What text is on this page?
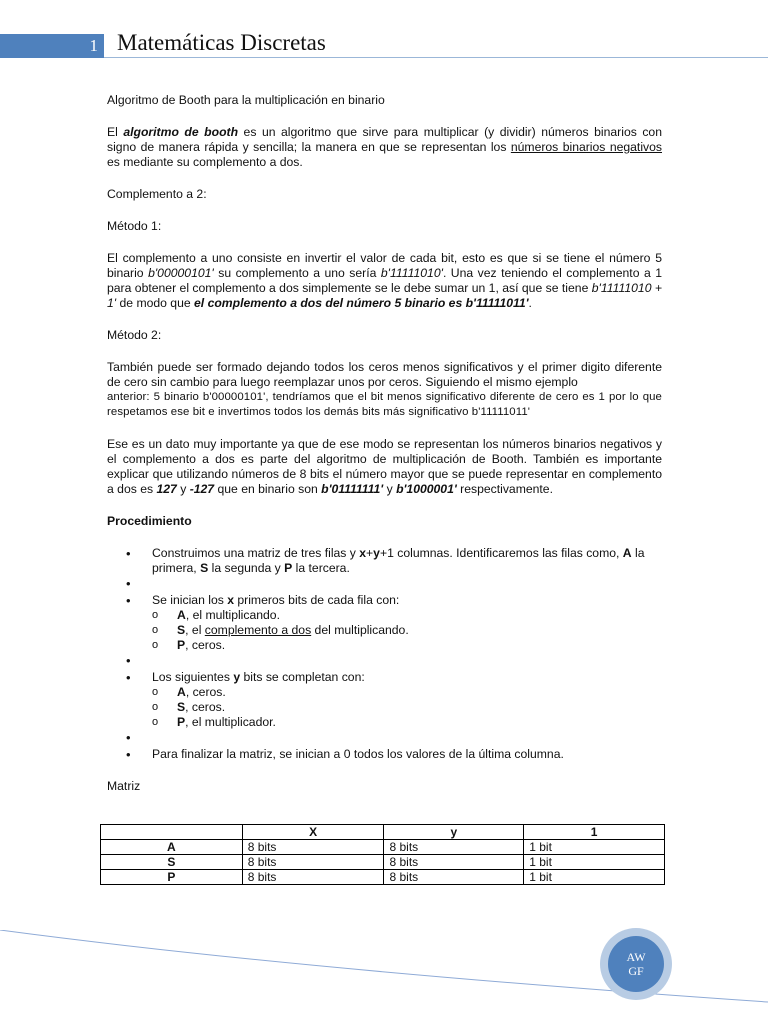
1 Matemáticas Discretas

Algoritmo de Booth para la multiplicación en binario

El algoritmo de booth es un algoritmo que sirve para multiplicar (y dividir) números binarios con signo de manera rápida y sencilla; la manera en que se representan los números binarios negativos es mediante su complemento a dos.

Complemento a 2:

Método 1:

El complemento a uno consiste en invertir el valor de cada bit, esto es que si se tiene el número 5 binario b'00000101' su complemento a uno sería b'11111010'. Una vez teniendo el complemento a 1 para obtener el complemento a dos simplemente se le debe sumar un 1, así que se tiene b'11111010 + 1' de modo que el complemento a dos del número 5 binario es b'11111011'.

Método 2:

También puede ser formado dejando todos los ceros menos significativos y el primer digito diferente de cero sin cambio para luego reemplazar unos por ceros. Siguiendo el mismo ejemplo

anterior: 5 binario b'00000101', tendríamos que el bit menos significativo diferente de cero es 1 por lo que respetamos ese bit e invertimos todos los demás bits más significativo b'11111011'

Ese es un dato muy importante ya que de ese modo se representan los números binarios negativos y el complemento a dos es parte del algoritmo de multiplicación de Booth. También es importante explicar que utilizando números de 8 bits el número mayor que se puede representar en complemento a dos es 127 y -127 que en binario son b'01111111' y b'1000001' respectivamente.

Procedimiento

• Construimos una matriz de tres filas y x+y+1 columnas. Identificaremos las filas como, A la primera, S la segunda y P la tercera.
•
• Se inician los x primeros bits de cada fila con:
o A, el multiplicando.
o S, el complemento a dos del multiplicando.
o P, ceros.
•
• Los siguientes y bits se completan con:
o A, ceros.
o S, ceros.
o P, el multiplicador.
•
• Para finalizar la matriz, se inician a 0 todos los valores de la última columna.

Matriz

	X	y	1
A	8 bits	8 bits	1 bit
S	8 bits	8 bits	1 bit
P	8 bits	8 bits	1 bit
AW
GF
